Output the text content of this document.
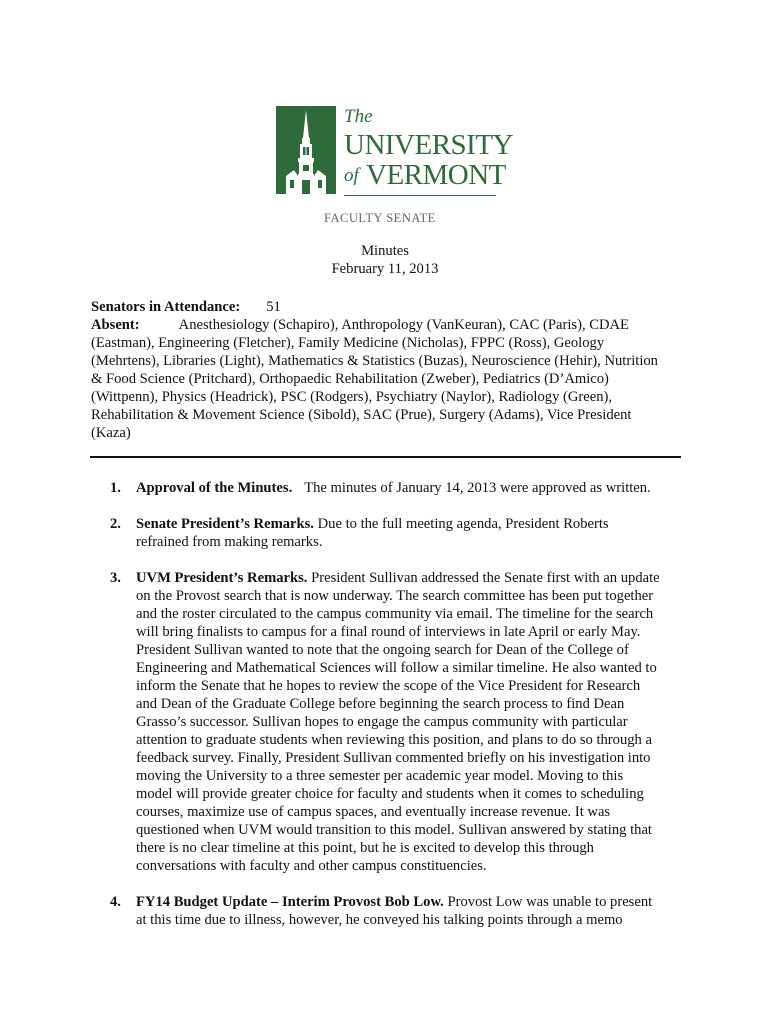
The
UNIVERSITY
of VERMONT
FACULTY SENATE
Minutes
February 11, 2013
Senators in Attendance: 51
Absent:	Anesthesiology (Schapiro), Anthropology (VanKeuran), CAC (Paris), CDAE
(Eastman), Engineering (Fletcher), Family Medicine (Nicholas), FPPC (Ross), Geology
(Mehrtens), Libraries (Light), Mathematics & Statistics (Buzas), Neuroscience (Hehir), Nutrition
& Food Science (Pritchard), Orthopaedic Rehabilitation (Zweber), Pediatrics (D’Amico)
(Wittpenn), Physics (Headrick), PSC (Rodgers), Psychiatry (Naylor), Radiology (Green),
Rehabilitation & Movement Science (Sibold), SAC (Prue), Surgery (Adams), Vice President
(Kaza)
1. Approval of the Minutes. The minutes of January 14, 2013 were approved as written.
2. Senate President’s Remarks. Due to the full meeting agenda, President Roberts
refrained from making remarks.
3. UVM President’s Remarks. President Sullivan addressed the Senate first with an update
on the Provost search that is now underway. The search committee has been put together
and the roster circulated to the campus community via email. The timeline for the search
will bring finalists to campus for a final round of interviews in late April or early May.
President Sullivan wanted to note that the ongoing search for Dean of the College of
Engineering and Mathematical Sciences will follow a similar timeline. He also wanted to
inform the Senate that he hopes to review the scope of the Vice President for Research
and Dean of the Graduate College before beginning the search process to find Dean
Grasso’s successor. Sullivan hopes to engage the campus community with particular
attention to graduate students when reviewing this position, and plans to do so through a
feedback survey. Finally, President Sullivan commented briefly on his investigation into
moving the University to a three semester per academic year model. Moving to this
model will provide greater choice for faculty and students when it comes to scheduling
courses, maximize use of campus spaces, and eventually increase revenue. It was
questioned when UVM would transition to this model. Sullivan answered by stating that
there is no clear timeline at this point, but he is excited to develop this through
conversations with faculty and other campus constituencies.
4. FY14 Budget Update – Interim Provost Bob Low. Provost Low was unable to present
at this time due to illness, however, he conveyed his talking points through a memo
